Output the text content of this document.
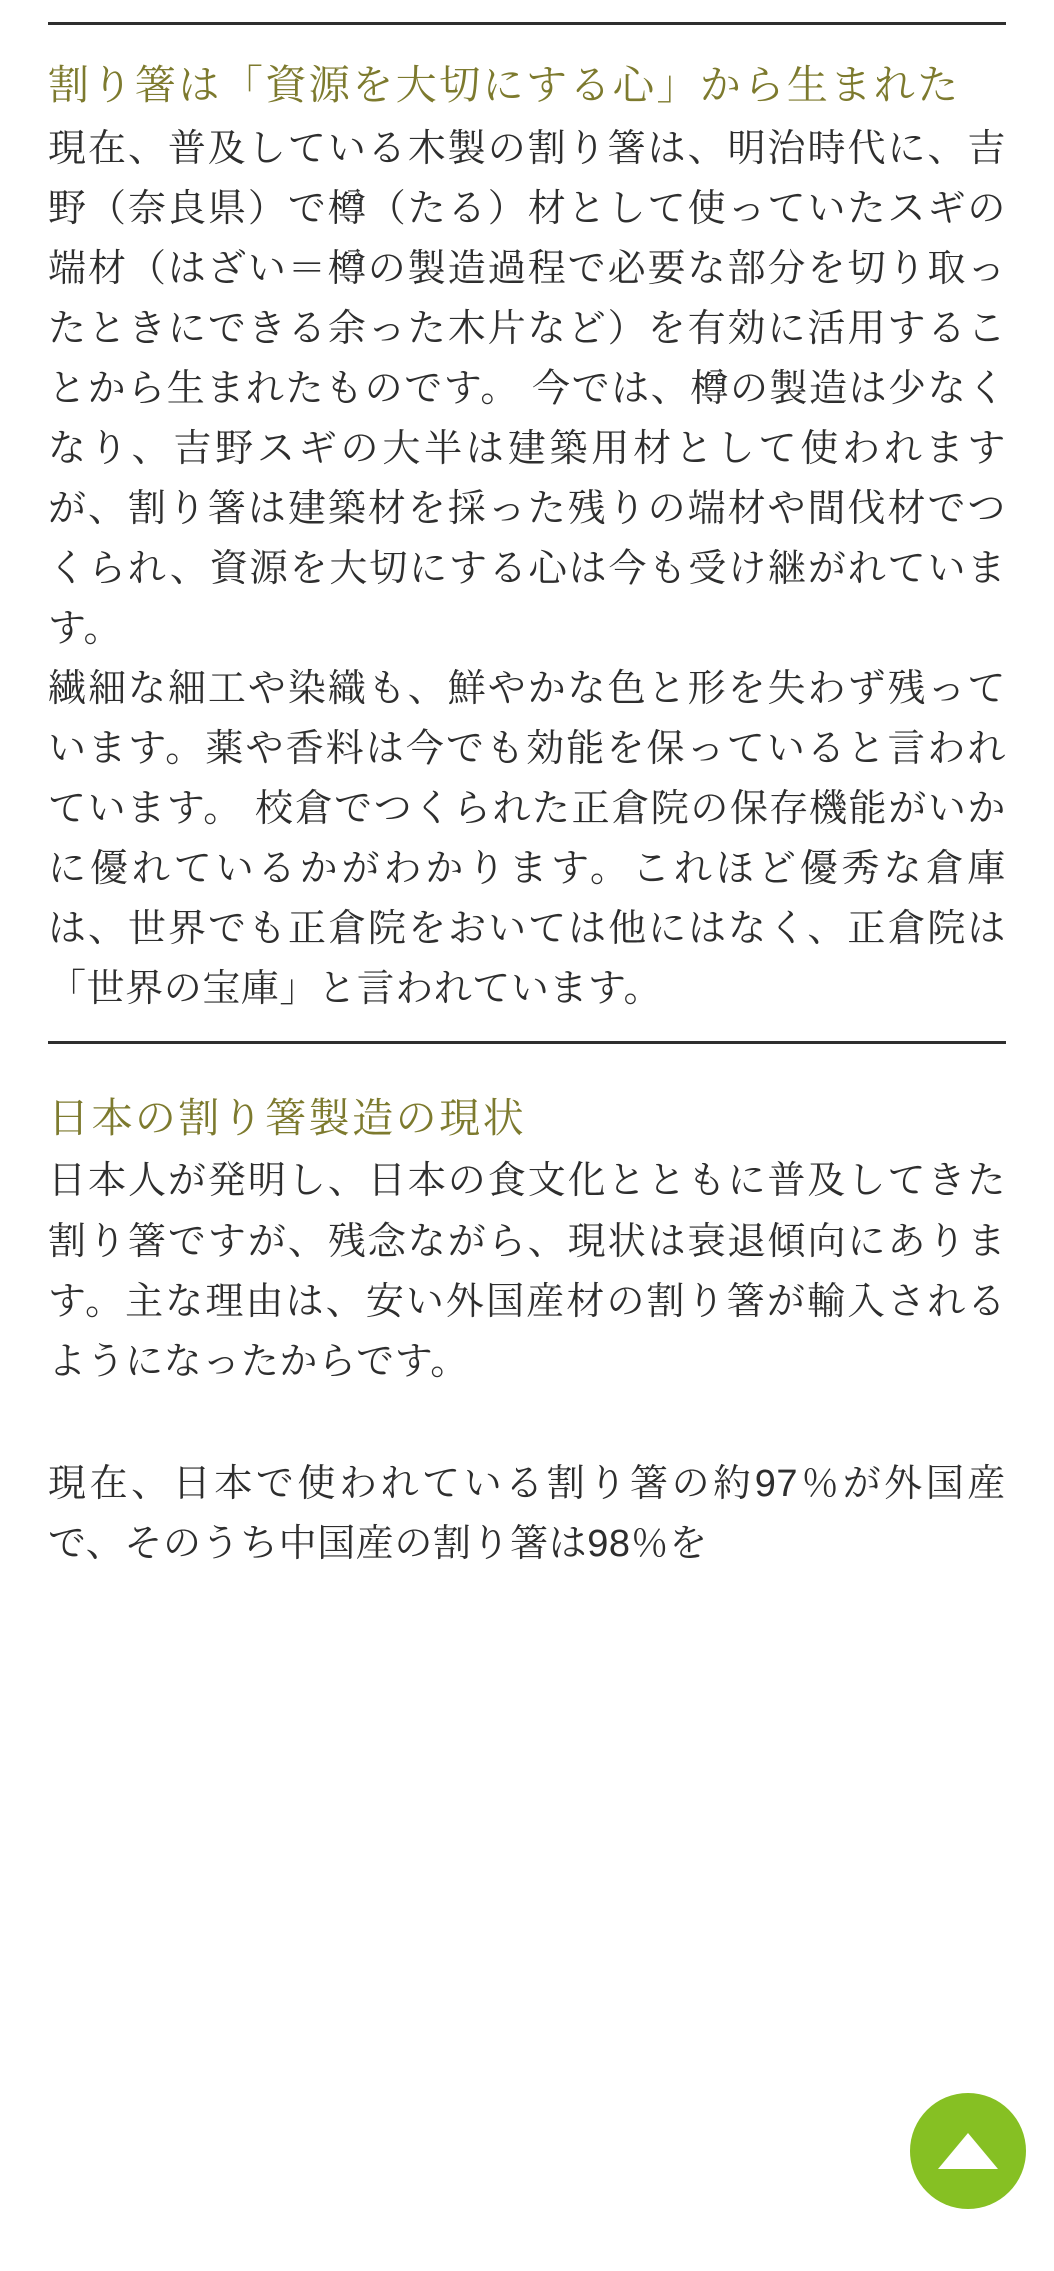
割り箸は「資源を大切にする心」から生まれた

現在、普及している木製の割り箸は、明治時代に、吉野（奈良県）で樽（たる）材として使っていたスギの端材（はざい＝樽の製造過程で必要な部分を切り取ったときにできる余った木片など）を有効に活用することから生まれたものです。 今では、樽の製造は少なくなり、吉野スギの大半は建築用材として使われますが、割り箸は建築材を採った残りの端材や間伐材でつくられ、資源を大切にする心は今も受け継がれています。

繊細な細工や染織も、鮮やかな色と形を失わず残っています。薬や香料は今でも効能を保っていると言われています。 校倉でつくられた正倉院の保存機能がいかに優れているかがわかります。これほど優秀な倉庫は、世界でも正倉院をおいては他にはなく、正倉院は「世界の宝庫」と言われています。

日本の割り箸製造の現状

日本人が発明し、日本の食文化とともに普及してきた割り箸ですが、残念ながら、現状は衰退傾向にあります。主な理由は、安い外国産材の割り箸が輸入されるようになったからです。

現在、日本で使われている割り箸の約97％が外国産で、そのうち中国産の割り箸は98％を
